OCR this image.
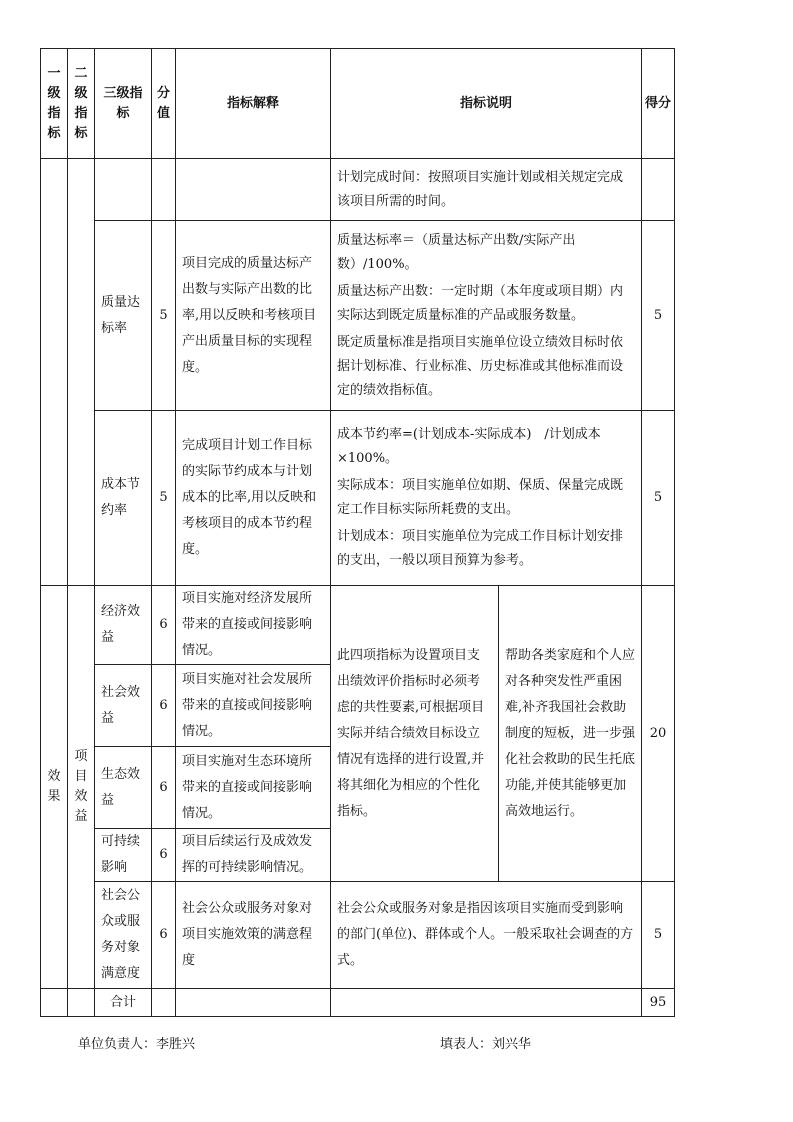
一级指标	二级指标	三级指标	分值	指标解释	指标说明		得分
					计划完成时间：按照项目实施计划或相关规定完成该项目所需的时间。		
		质量达标率	5	项目完成的质量达标产出数与实际产出数的比率,用以反映和考核项目产出质量目标的实现程度。	质量达标率＝（质量达标产出数/实际产出数）/100%。
质量达标产出数：一定时期（本年度或项目期）内实际达到既定质量标准的产品或服务数量。
既定质量标准是指项目实施单位设立绩效目标时依据计划标准、行业标准、历史标准或其他标准而设定的绩效指标值。		5
		成本节约率	5	完成项目计划工作目标的实际节约成本与计划成本的比率,用以反映和考核项目的成本节约程度。	成本节约率=(计划成本-实际成本)　/计划成本×100%。
实际成本：项目实施单位如期、保质、保量完成既定工作目标实际所耗费的支出。
计划成本：项目实施单位为完成工作目标计划安排的支出，一般以项目预算为参考。		5
效果	项目效益	经济效益	6	项目实施对经济发展所带来的直接或间接影响情况。	此四项指标为设置项目支出绩效评价指标时必须考虑的共性要素,可根据项目实际并结合绩效目标设立情况有选择的进行设置,并将其细化为相应的个性化指标。	帮助各类家庭和个人应对各种突发性严重困难,补齐我国社会救助制度的短板，进一步强化社会救助的民生托底功能,并使其能够更加高效地运行。	20
		社会效益	6	项目实施对社会发展所带来的直接或间接影响情况。			
		生态效益	6	项目实施对生态环境所带来的直接或间接影响情况。			
		可持续影响	6	项目后续运行及成效发挥的可持续影响情况。			
		社会公众或服务对象满意度	6	社会公众或服务对象对项目实施效策的满意程度	社会公众或服务对象是指因该项目实施而受到影响的部门(单位)、群体或个人。一般采取社会调查的方式。		5
		合计					95
单位负责人：李胜兴	填表人：刘兴华
